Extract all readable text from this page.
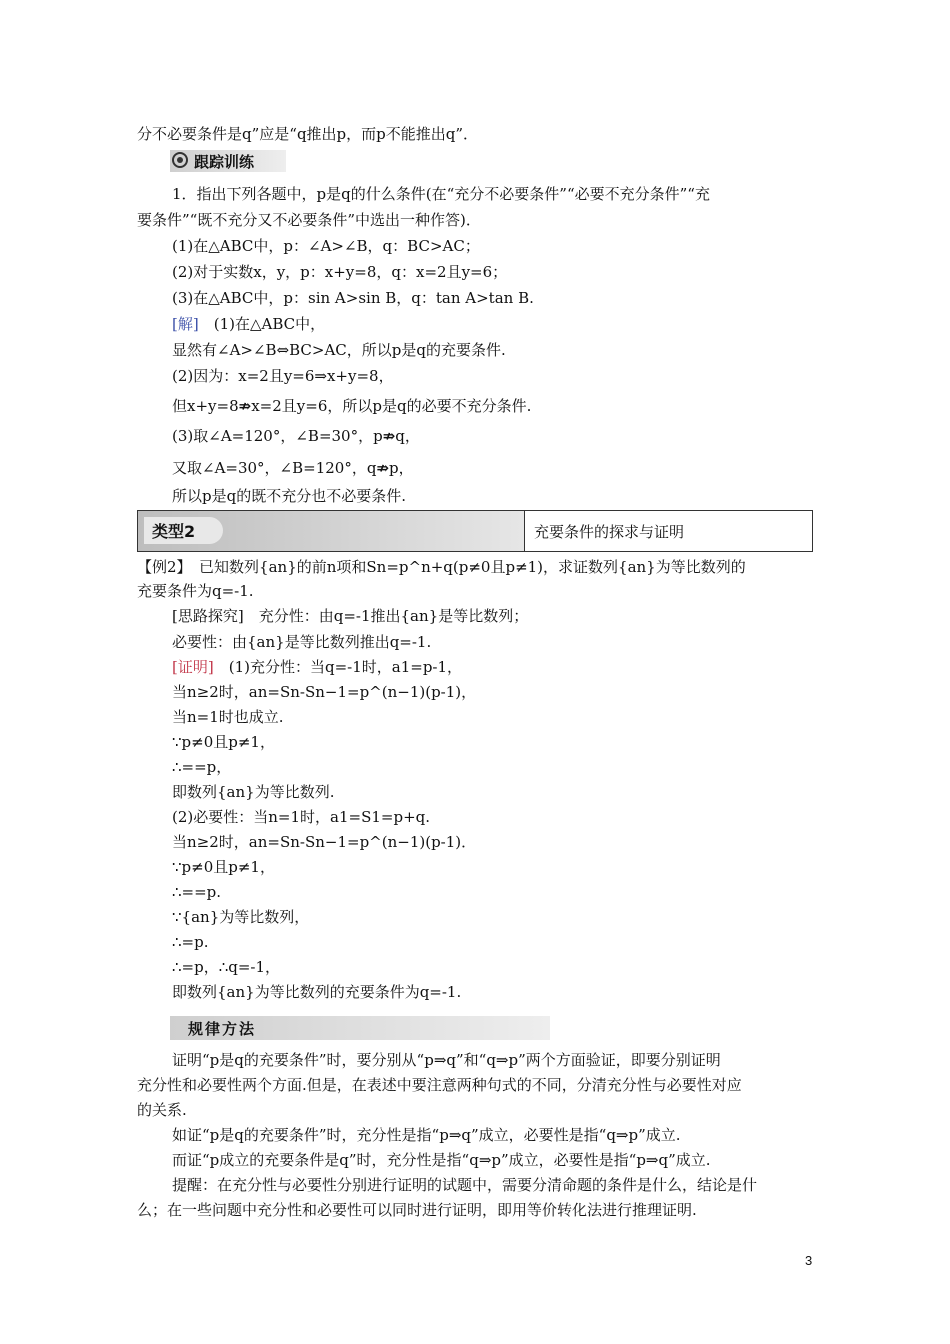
分不必要条件是q”应是“q推出p，而p不能推出q”．
跟踪训练
1．指出下列各题中，p是q的什么条件(在“充分不必要条件”“必要不充分条件”“充
要条件”“既不充分又不必要条件”中选出一种作答)．
(1)在△ABC中，p：∠A>∠B，q：BC>AC；
(2)对于实数x，y，p：x+y=8，q：x=2且y=6；
(3)在△ABC中，p：sin A>sin B，q：tan A>tan B.
[解]　 (1)在△ABC中，
显然有∠A>∠B⇔BC>AC，所以p是q的充要条件.
(2)因为：x=2且y=6⇒x+y=8，
但x+y=8⇏x=2且y=6，所以p是q的必要不充分条件.
(3)取∠A=120°，∠B=30°，p⇏q，
又取∠A=30°，∠B=120°，q⇏p，
所以p是q的既不充分也不必要条件.
类型2	充要条件的探求与证明
【例2】　已知数列{an}的前n项和Sn=p^n+q(p≠0且p≠1)，求证数列{an}为等比数列的
充要条件为q=-1.
[思路探究]　 充分性：由q=-1推出{an}是等比数列；
必要性：由{an}是等比数列推出q=-1.
[证明]　 (1)充分性：当q=-1时，a1=p-1，
当n≥2时，an=Sn-Sn−1=p^(n−1)(p-1)，
当n=1时也成立.
∵p≠0且p≠1，
∴==p，
即数列{an}为等比数列.
(2)必要性：当n=1时，a1=S1=p+q.
当n≥2时，an=Sn-Sn−1=p^(n−1)(p-1)．
∵p≠0且p≠1，
∴==p.
∵{an}为等比数列，
∴=p.
∴=p，∴q=-1，
即数列{an}为等比数列的充要条件为q=-1.
规律方法
证明“p是q的充要条件”时，要分别从“p⇒q”和“q⇒p”两个方面验证，即要分别证明
充分性和必要性两个方面.但是，在表述中要注意两种句式的不同，分清充分性与必要性对应
的关系.
如证“p是q的充要条件”时，充分性是指“p⇒q”成立，必要性是指“q⇒p”成立.
而证“p成立的充要条件是q”时，充分性是指“q⇒p”成立，必要性是指“p⇒q”成立.
提醒：在充分性与必要性分别进行证明的试题中，需要分清命题的条件是什么，结论是什
么；在一些问题中充分性和必要性可以同时进行证明，即用等价转化法进行推理证明.
3
